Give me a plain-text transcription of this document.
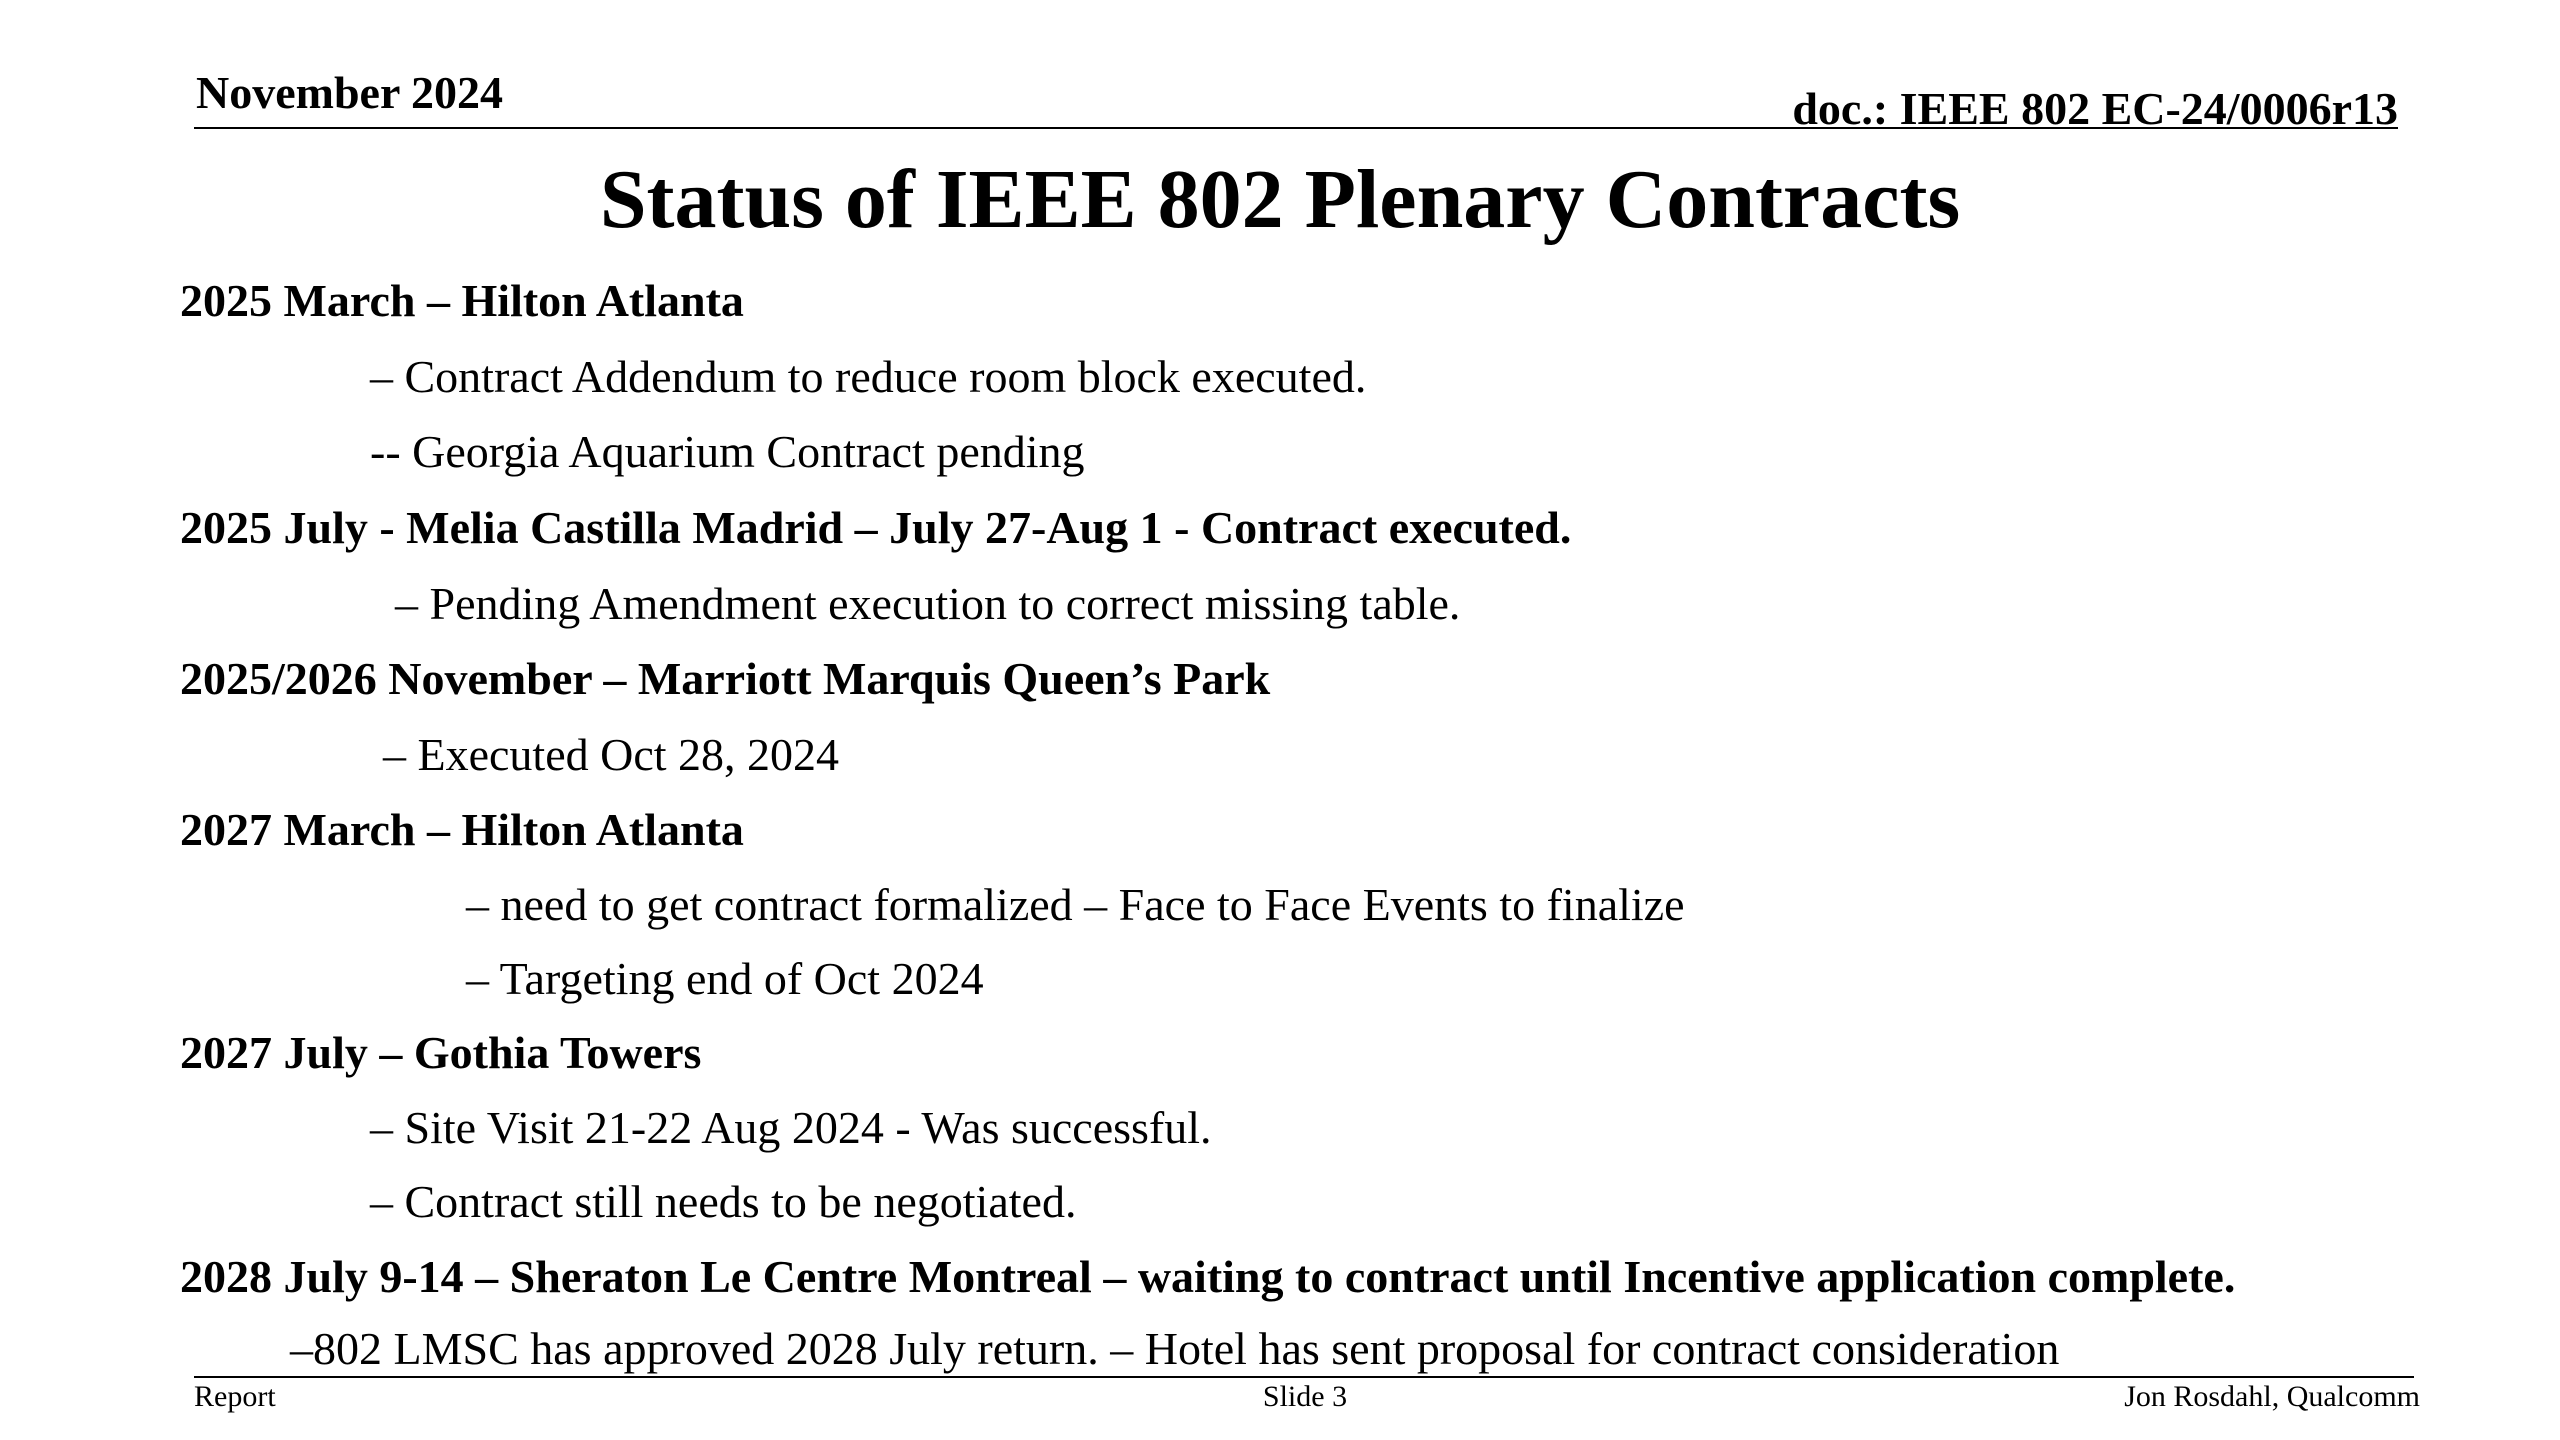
November 2024	doc.: IEEE 802 EC-24/0006r13
Status of IEEE 802 Plenary Contracts
2025 March – Hilton Atlanta
– Contract Addendum to reduce room block executed.
-- Georgia Aquarium Contract pending
2025 July - Melia Castilla Madrid – July 27-Aug 1 - Contract executed.
– Pending Amendment execution to correct missing table.
2025/2026 November – Marriott Marquis Queen’s Park
– Executed Oct 28, 2024
2027 March – Hilton Atlanta
– need to get contract formalized – Face to Face Events to finalize
– Targeting end of Oct 2024
2027 July – Gothia Towers
– Site Visit 21-22 Aug 2024 - Was successful.
– Contract still needs to be negotiated.
2028 July 9-14 – Sheraton Le Centre Montreal – waiting to contract until Incentive application complete.
–802 LMSC has approved 2028 July return. – Hotel has sent proposal for contract consideration
Report	Slide 3	Jon Rosdahl, Qualcomm
